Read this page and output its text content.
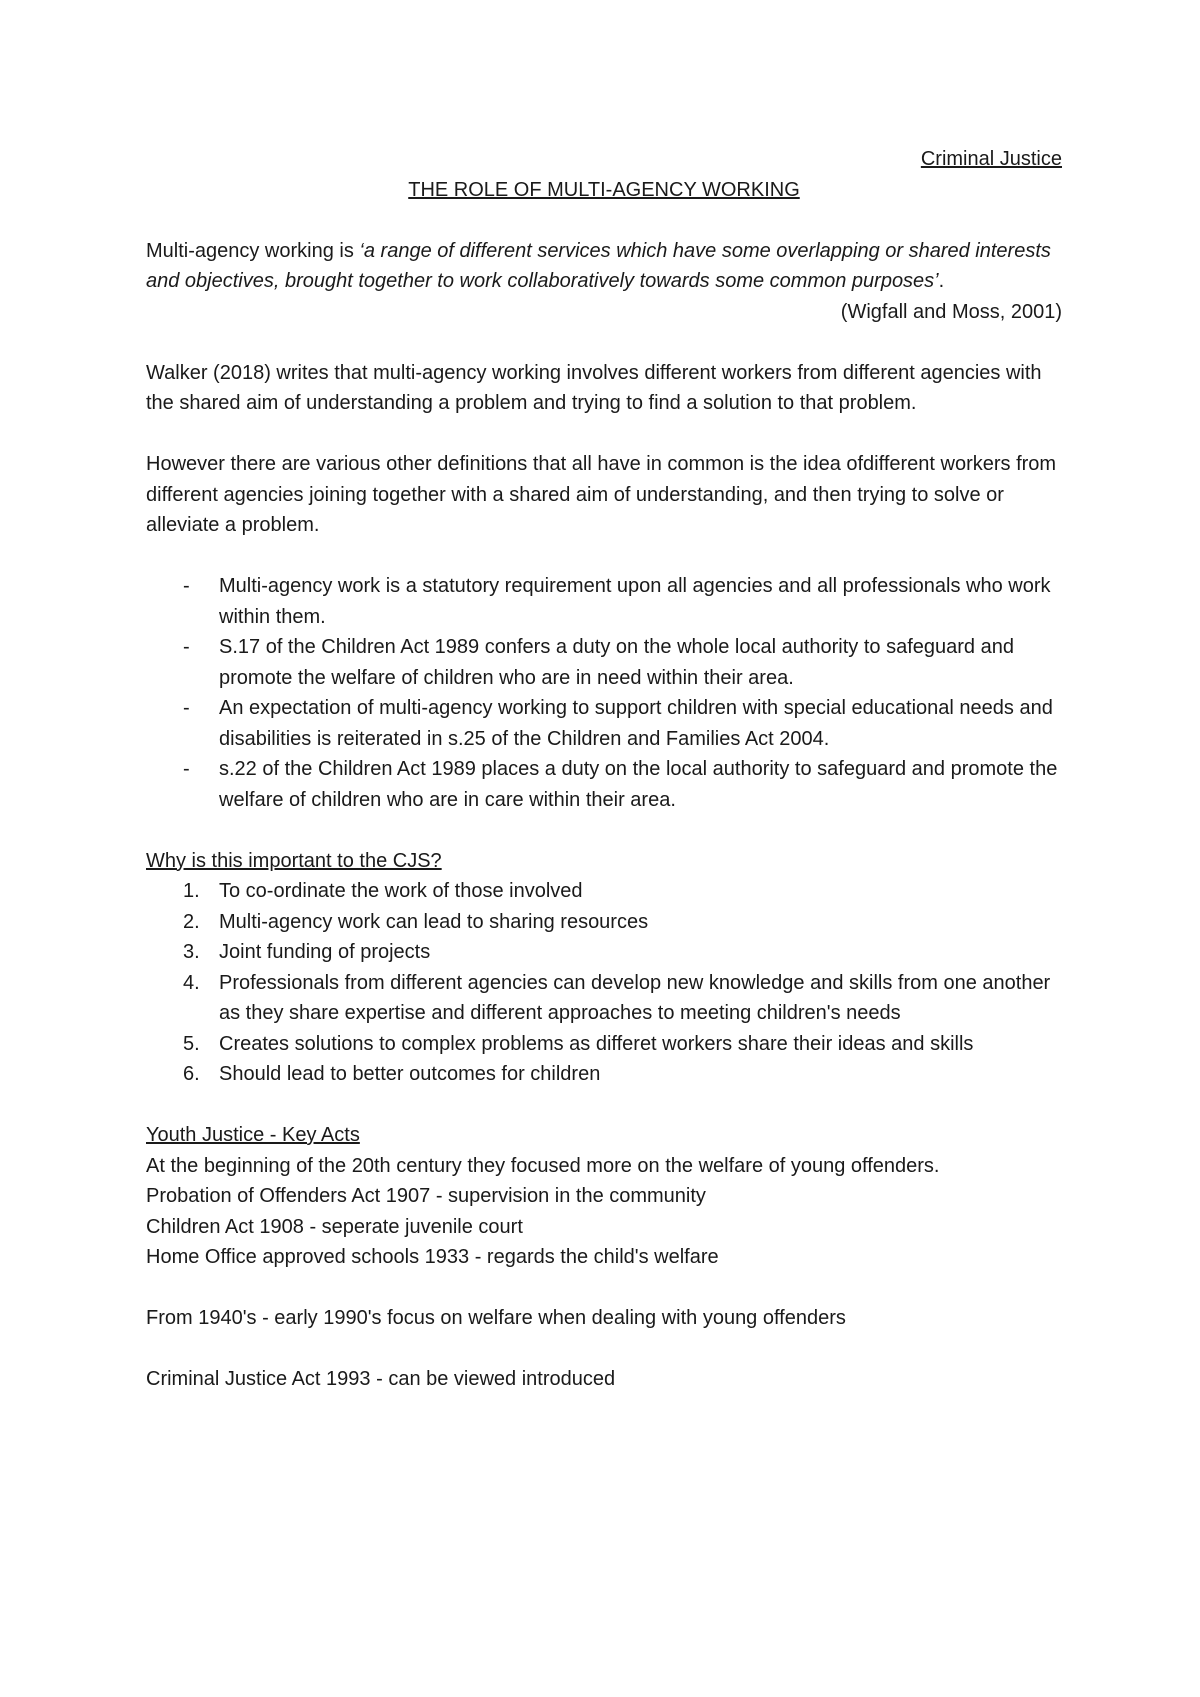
Criminal Justice

THE ROLE OF MULTI-AGENCY WORKING

Multi-agency working is ‘a range of different services which have some overlapping or shared interests and objectives, brought together to work collaboratively towards some common purposes’.

(Wigfall and Moss, 2001)

Walker (2018) writes that multi-agency working involves different workers from different agencies with the shared aim of understanding a problem and trying to find a solution to that problem.

However there are various other definitions that all have in common is the idea ofdifferent workers from different agencies joining together with a shared aim of understanding, and then trying to solve or alleviate a problem.

- Multi-agency work is a statutory requirement upon all agencies and all professionals who work within them.
- S.17 of the Children Act 1989 confers a duty on the whole local authority to safeguard and promote the welfare of children who are in need within their area.
- An expectation of multi-agency working to support children with special educational needs and disabilities is reiterated in s.25 of the Children and Families Act 2004.
- s.22 of the Children Act 1989 places a duty on the local authority to safeguard and promote the welfare of children who are in care within their area.

Why is this important to the CJS?

1. To co-ordinate the work of those involved
2. Multi-agency work can lead to sharing resources
3. Joint funding of projects
4. Professionals from different agencies can develop new knowledge and skills from one another as they share expertise and different approaches to meeting children's needs
5. Creates solutions to complex problems as differet workers share their ideas and skills
6. Should lead to better outcomes for children

Youth Justice - Key Acts

At the beginning of the 20th century they focused more on the welfare of young offenders.

Probation of Offenders Act 1907 - supervision in the community

Children Act 1908 - seperate juvenile court

Home Office approved schools 1933 - regards the child's welfare

From 1940's - early 1990's focus on welfare when dealing with young offenders

Criminal Justice Act 1993 - can be viewed introduced
